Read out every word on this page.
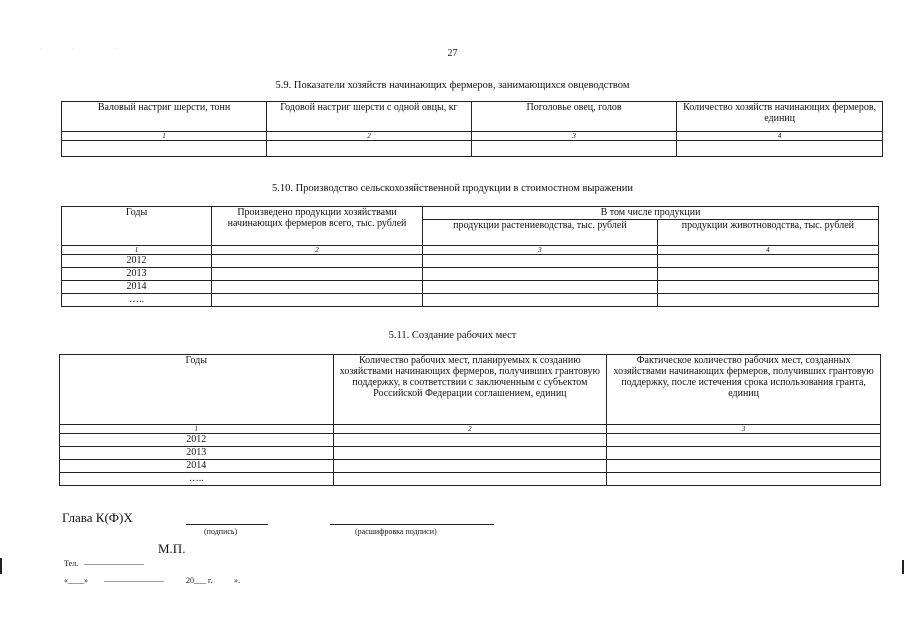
27
·        ·           ·
5.9. Показатели хозяйств начинающих фермеров, занимающихся овцеводством
Валовый настриг шерсти, тонн	Годовой настриг шерсти с одной овцы, кг	Поголовье овец, голов	Количество хозяйств начинающих фермеров, единиц
1	2	3	4

5.10. Производство сельскохозяйственной продукции в стоимостном выражении
Годы	Произведено продукции хозяйствами начинающих фермеров всего, тыс. рублей	В том числе продукции	
		продукции растениеводства, тыс. рублей	продукции животноводства, тыс. рублей
1	2	3	4
2012			
2013			
2014			
…..			
5.11. Создание рабочих мест
Годы	Количество рабочих мест, планируемых к созданию хозяйствами начинающих фермеров, получивших грантовую поддержку, в соответствии с заключенным с субъектом Российской Федерации соглашением, единиц	Фактическое количество рабочих мест, созданных хозяйствами начинающих фермеров, получивших грантовую поддержку, после истечения срока использования гранта, единиц
1	2	3
2012		
2013		
2014		
…..		
Глава К(Ф)Х
(подпись)	(расшифровка подписи)
М.П.
Тел. _______________
«____» _______________	20___ г.	».
